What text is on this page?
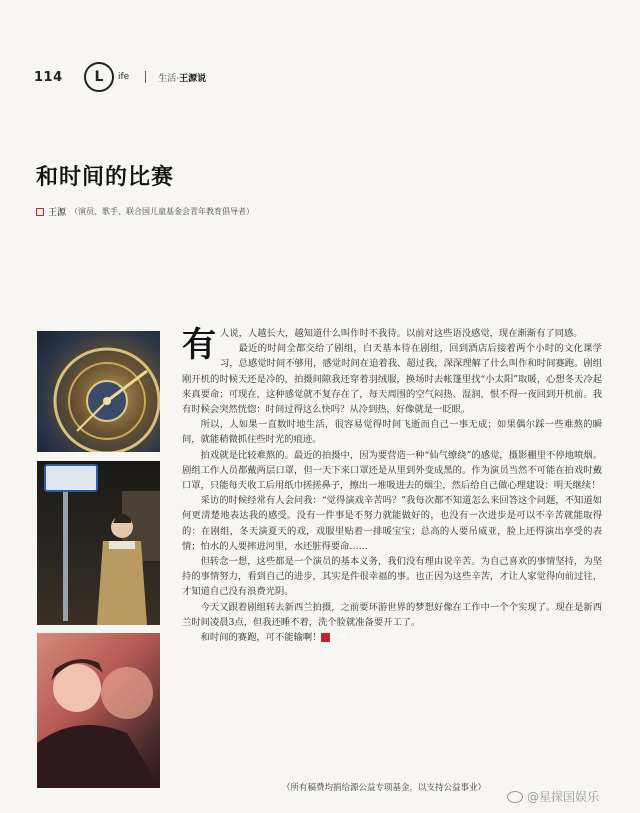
114	L	ife	生活·王源说
和时间的比赛
王源 （演员、歌手、联合国儿童基金会青年教育倡导者）

有人说，人越长大，越知道什么叫作时不我待。以前对这些语没感觉，现在渐渐有了同感。

最近的时间全都交给了剧组，白天基本待在剧组，回到酒店后接着两个小时的文化课学习，总感觉时间不够用，感觉时间在追着我、超过我，深深理解了什么叫作和时间赛跑。剧组刚开机的时候天还是冷的，拍摄间隙我还穿着羽绒服，换场时去帐篷里找“小太阳”取暖，心想冬天冷起来真要命；可现在，这种感觉就不复存在了，每天周围的空气闷热、湿润，恨不得一夜回到开机前。我有时候会突然恍惚：时间过得这么快吗？从冷到热，好像就是一眨眼。

所以，人如果一直数时地生活，很容易觉得时间飞逝而自己一事无成；如果偶尔踩一些难熬的瞬间，就能稍微抓住些时光的痕迹。

拍戏就是比较难熬的。最近的拍摄中，因为要营造一种“仙气缭绕”的感觉，摄影棚里不停地喷烟。剧组工作人员都戴两层口罩，但一天下来口罩还是从里到外变成黑的。作为演员当然不可能在拍戏时戴口罩，只能每天收工后用纸巾搓搓鼻子，擦出一堆吸进去的烟尘，然后给自己做心理建设：明天继续！

采访的时候经常有人会问我：“觉得演戏辛苦吗？”我每次都不知道怎么来回答这个问题，不知道如何更清楚地表达我的感受。没有一件事是不努力就能做好的，也没有一次进步是可以不辛苦就能取得的：在剧组，冬天演夏天的戏，戏服里贴着一排暖宝宝；总高的人要吊威亚，脸上还得演出享受的表情；怕水的人要摔进河里，水还脏得要命……

但转念一想，这些都是一个演员的基本义务，我们没有理由说辛苦。为自己喜欢的事情坚持，为坚持的事情努力，看到自己的进步，其实是件很幸福的事。也正因为这些辛苦，才让人家觉得向前过往，才知道自己没有浪费光阴。

今天又跟着剧组转去新西兰拍摄，之前要环游世界的梦想好像在工作中一个个实现了。现在是新西兰时间凌晨3点，但我还睡不着，洗个脸就准备要开工了。

和时间的赛跑，可不能输啊！	G

（所有稿费均捐给源公益专项基金，以支持公益事业）
@星探国娱乐
